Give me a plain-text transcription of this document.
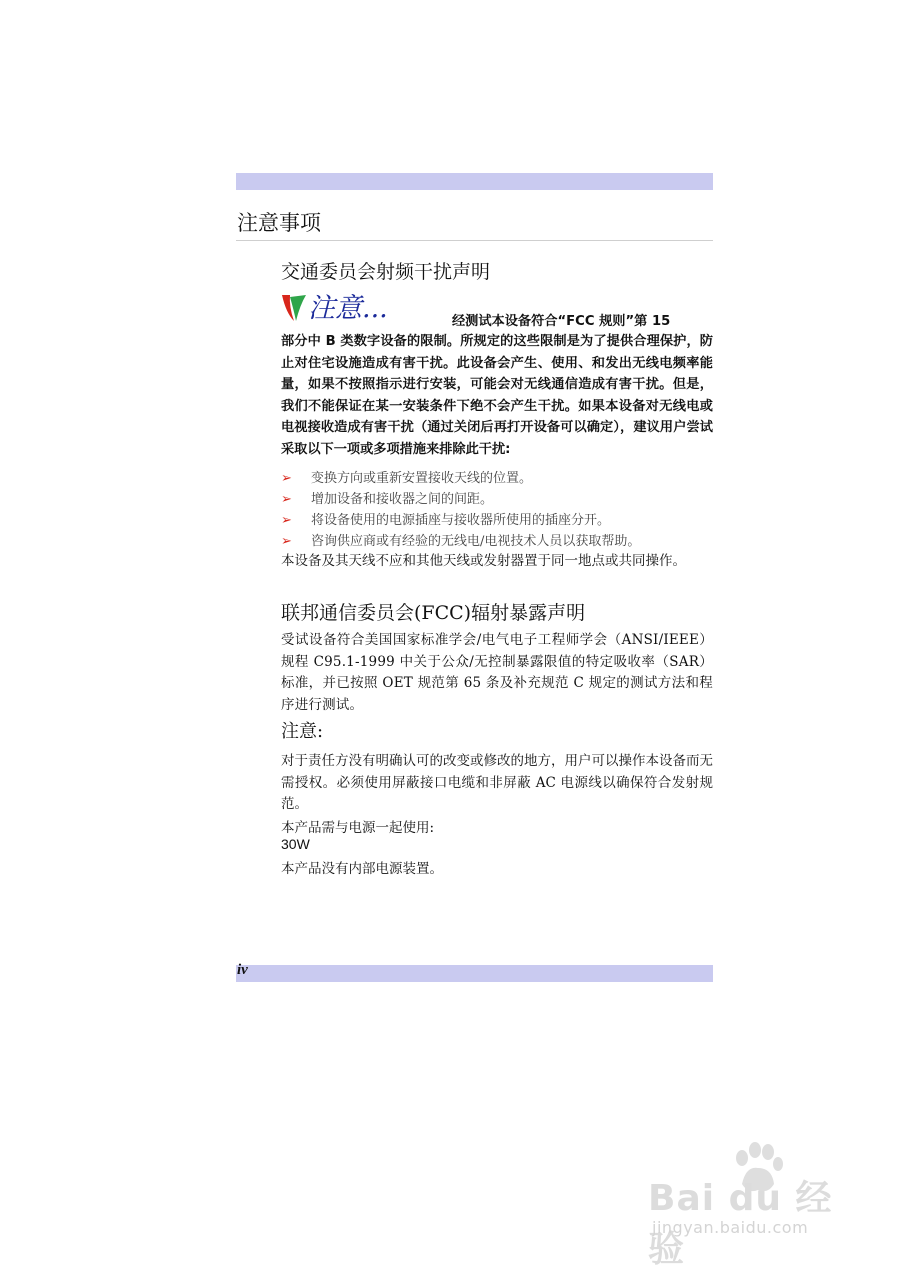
注意事项
交通委员会射频干扰声明
注意...	经测试本设备符合“FCC 规则”第 15
部分中 B 类数字设备的限制。所规定的这些限制是为了提供合理保护，防止对住宅设施造成有害干扰。此设备会产生、使用、和发出无线电频率能量，如果不按照指示进行安装，可能会对无线通信造成有害干扰。但是，我们不能保证在某一安装条件下绝不会产生干扰。如果本设备对无线电或电视接收造成有害干扰（通过关闭后再打开设备可以确定），建议用户尝试采取以下一项或多项措施来排除此干扰:
➢ 变换方向或重新安置接收天线的位置。
➢ 增加设备和接收器之间的间距。
➢ 将设备使用的电源插座与接收器所使用的插座分开。
➢ 咨询供应商或有经验的无线电/电视技术人员以获取帮助。
本设备及其天线不应和其他天线或发射器置于同一地点或共同操作。
联邦通信委员会(FCC)辐射暴露声明
受试设备符合美国国家标准学会/电气电子工程师学会（ANSI/IEEE）规程 C95.1-1999 中关于公众/无控制暴露限值的特定吸收率（SAR）标准，并已按照 OET 规范第 65 条及补充规范 C 规定的测试方法和程序进行测试。
注意:
对于责任方没有明确认可的改变或修改的地方，用户可以操作本设备而无需授权。必须使用屏蔽接口电缆和非屏蔽 AC 电源线以确保符合发射规范。
本产品需与电源一起使用:
30W
本产品没有内部电源装置。
iv
Bai du 经验
jingyan.baidu.com
